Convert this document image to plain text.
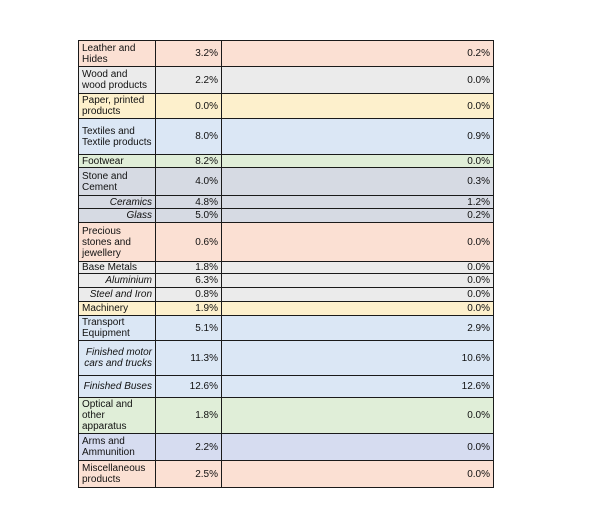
Leather and Hides	3.2%	0.2%
Wood and wood products	2.2%	0.0%
Paper, printed products	0.0%	0.0%
Textiles and Textile products	8.0%	0.9%
Footwear	8.2%	0.0%
Stone and Cement	4.0%	0.3%
Ceramics	4.8%	1.2%
Glass	5.0%	0.2%
Precious stones and jewellery	0.6%	0.0%
Base Metals	1.8%	0.0%
Aluminium	6.3%	0.0%
Steel and Iron	0.8%	0.0%
Machinery	1.9%	0.0%
Transport Equipment	5.1%	2.9%
Finished motor cars and trucks	11.3%	10.6%
Finished Buses	12.6%	12.6%
Optical and other apparatus	1.8%	0.0%
Arms and Ammunition	2.2%	0.0%
Miscellaneous products	2.5%	0.0%
